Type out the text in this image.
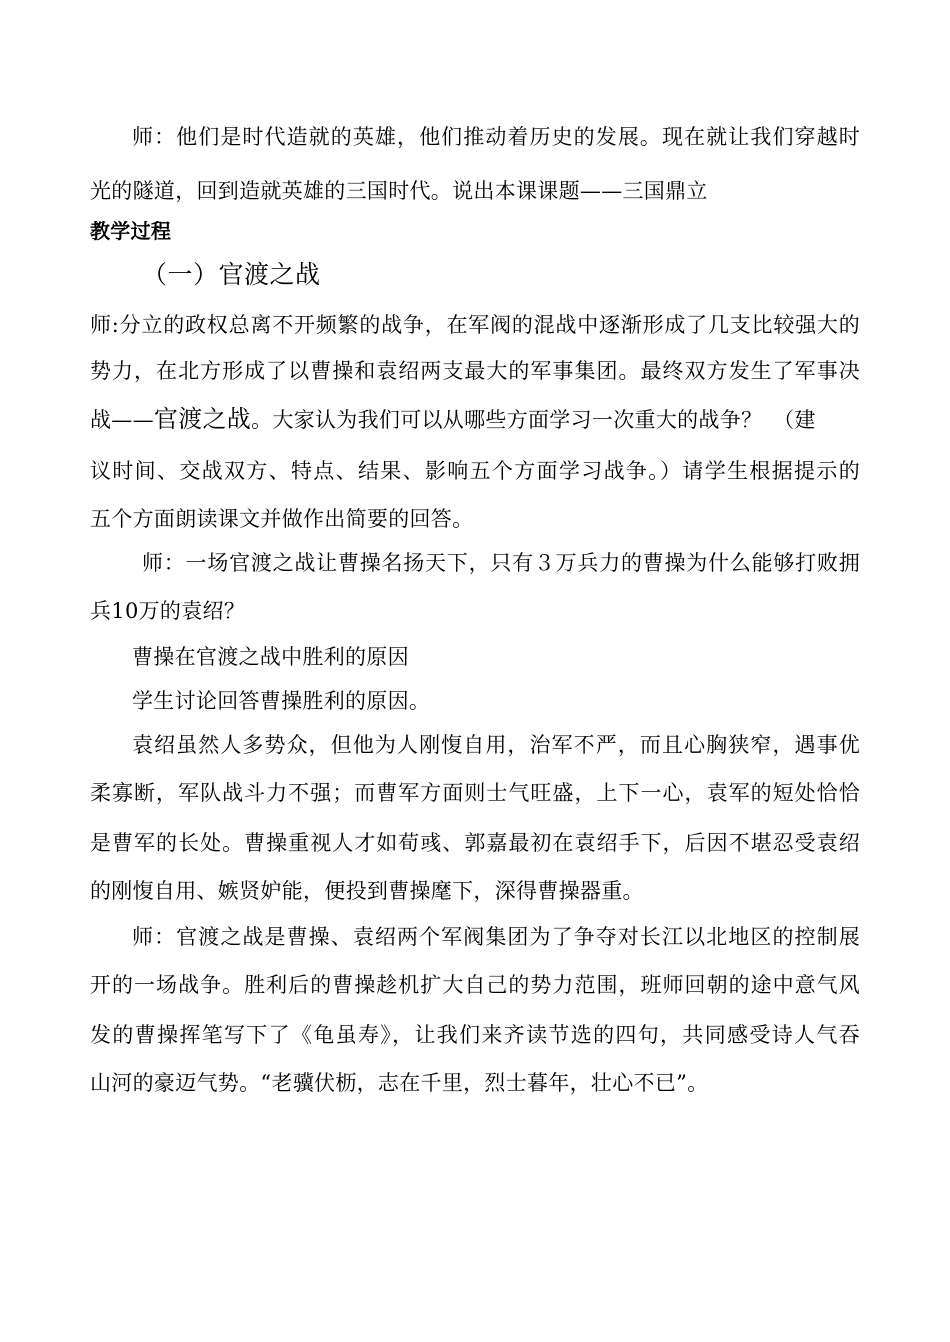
师：他们是时代造就的英雄，他们推动着历史的发展。现在就让我们穿越时
光的隧道，回到造就英雄的三国时代。说出本课课题——三国鼎立
教学过程
（一）官渡之战
师:分立的政权总离不开频繁的战争，在军阀的混战中逐渐形成了几支比较强大的
势力，在北方形成了以曹操和袁绍两支最大的军事集团。最终双方发生了军事决
战——官渡之战。大家认为我们可以从哪些方面学习一次重大的战争？　（建
议时间、交战双方、特点、结果、影响五个方面学习战争。）请学生根据提示的
五个方面朗读课文并做作出简要的回答。
师：一场官渡之战让曹操名扬天下，只有３万兵力的曹操为什么能够打败拥
兵10万的袁绍？
曹操在官渡之战中胜利的原因
学生讨论回答曹操胜利的原因。
袁绍虽然人多势众，但他为人刚愎自用，治军不严，而且心胸狭窄，遇事优
柔寡断，军队战斗力不强；而曹军方面则士气旺盛，上下一心，袁军的短处恰恰
是曹军的长处。曹操重视人才如荀彧、郭嘉最初在袁绍手下，后因不堪忍受袁绍
的刚愎自用、嫉贤妒能，便投到曹操麾下，深得曹操器重。
师：官渡之战是曹操、袁绍两个军阀集团为了争夺对长江以北地区的控制展
开的一场战争。胜利后的曹操趁机扩大自己的势力范围，班师回朝的途中意气风
发的曹操挥笔写下了《龟虽寿》，让我们来齐读节选的四句，共同感受诗人气吞
山河的豪迈气势。“老骥伏枥，志在千里，烈士暮年，壮心不已”。
